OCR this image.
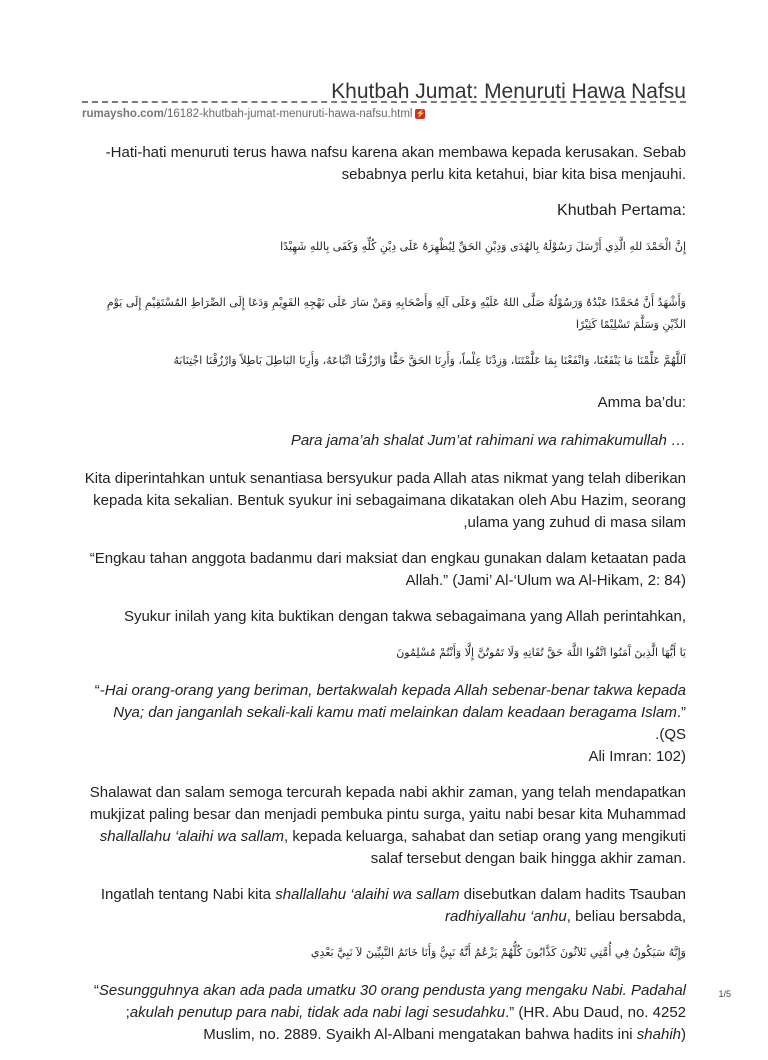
Khutbah Jumat: Menuruti Hawa Nafsu
rumaysho.com/16182-khutbah-jumat-menuruti-hawa-nafsu.html ⚡
Hati-hati menuruti terus hawa nafsu karena akan membawa kepada kerusakan. Sebab-
.sebabnya perlu kita ketahui, biar kita bisa menjauhi
:Khutbah Pertama
إِنَّ الْحَمْدَ للهِ الَّذِي أَرْسَلَ رَسُوْلَهُ بِالهُدَى وَدِيْنِ الحَقِّ لِيُظْهِرَهُ عَلَى دِيْنِ كُلِّهِ وَكَفَى بِاللهِ شَهِيْدًا
وَأَشْهَدُ أَنَّ مُحَمَّدًا عَبْدُهُ وَرَسُوْلُهُ صَلَّى اللهُ عَلَيْهِ وَعَلَى آلِهِ وَأَصْحَابِهِ وَمَنْ سَارَ عَلَى نَهْجِهِ القَوِيْمِ وَدَعَا إِلَى الصِّرَاطِ المُسْتَقِيْمِ إِلَى يَوْمِ الدِّيْنِ وَسَلَّمَ تَسْلِيْمًا كَثِيْرًا
اَللَّهُمَّ عَلِّمْنَا مَا يَنْفَعُنَا، وَانْفَعْنَا بِمَا عَلَّمْتَنَا، وَزِدْنَا عِلْماً، وَأَرِنَا الحَقَّ حَقًّا وَارْزُقْنَا اتِّبَاعَهُ، وَأَرِنَا البَاطِلَ بَاطِلاً وَارْزُقْنَا اجْتِنَابَهُ
:Amma ba’du
… Para jama’ah shalat Jum’at rahimani wa rahimakumullah
Kita diperintahkan untuk senantiasa bersyukur pada Allah atas nikmat yang telah diberikan kepada kita sekalian. Bentuk syukur ini sebagaimana dikatakan oleh Abu Hazim, seorang ,ulama yang zuhud di masa silam
Engkau tahan anggota badanmu dari maksiat dan engkau gunakan dalam ketaatan pada“
(Allah.” (Jami’ Al-‘Ulum wa Al-Hikam, 2: 84
,Syukur inilah yang kita buktikan dengan takwa sebagaimana yang Allah perintahkan
يَا أَيُّهَا الَّذِينَ آَمَنُوا اتَّقُوا اللَّهَ حَقَّ تُقَاتِهِ وَلَا تَمُوتُنَّ إِلَّا وَأَنْتُمْ مُسْلِمُونَ
Hai orang-orang yang beriman, bertakwalah kepada Allah sebenar-benar takwa kepada-“
Nya; dan janganlah sekali-kali kamu mati melainkan dalam keadaan beragama Islam.” (QS.
(Ali Imran: 102
Shalawat dan salam semoga tercurah kepada nabi akhir zaman, yang telah mendapatkan mukjizat paling besar dan menjadi pembuka pintu surga, yaitu nabi besar kita Muhammad shallallahu ‘alaihi wa sallam, kepada keluarga, sahabat dan setiap orang yang mengikuti
.salaf tersebut dengan baik hingga akhir zaman
Ingatlah tentang Nabi kita shallallahu ‘alaihi wa sallam disebutkan dalam hadits Tsauban
,radhiyallahu ‘anhu, beliau bersabda
وَإِنَّهُ سَيَكُونُ فِي أُمَّتِي ثَلاَثُونَ كَذَّابُونَ كُلُّهُمْ يَزْعُمُ أَنَّهُ نَبِيٌّ وَأَنَا خَاتَمُ النَّبِيِّينَ لاَ نَبِيَّ بَعْدِي
Sesungguhnya akan ada pada umatku 30 orang pendusta yang mengaku Nabi. Padahal“
akulah penutup para nabi, tidak ada nabi lagi sesudahku.” (HR. Abu Daud, no. 4252;
(Muslim, no. 2889. Syaikh Al-Albani mengatakan bahwa hadits ini shahih
1/5
